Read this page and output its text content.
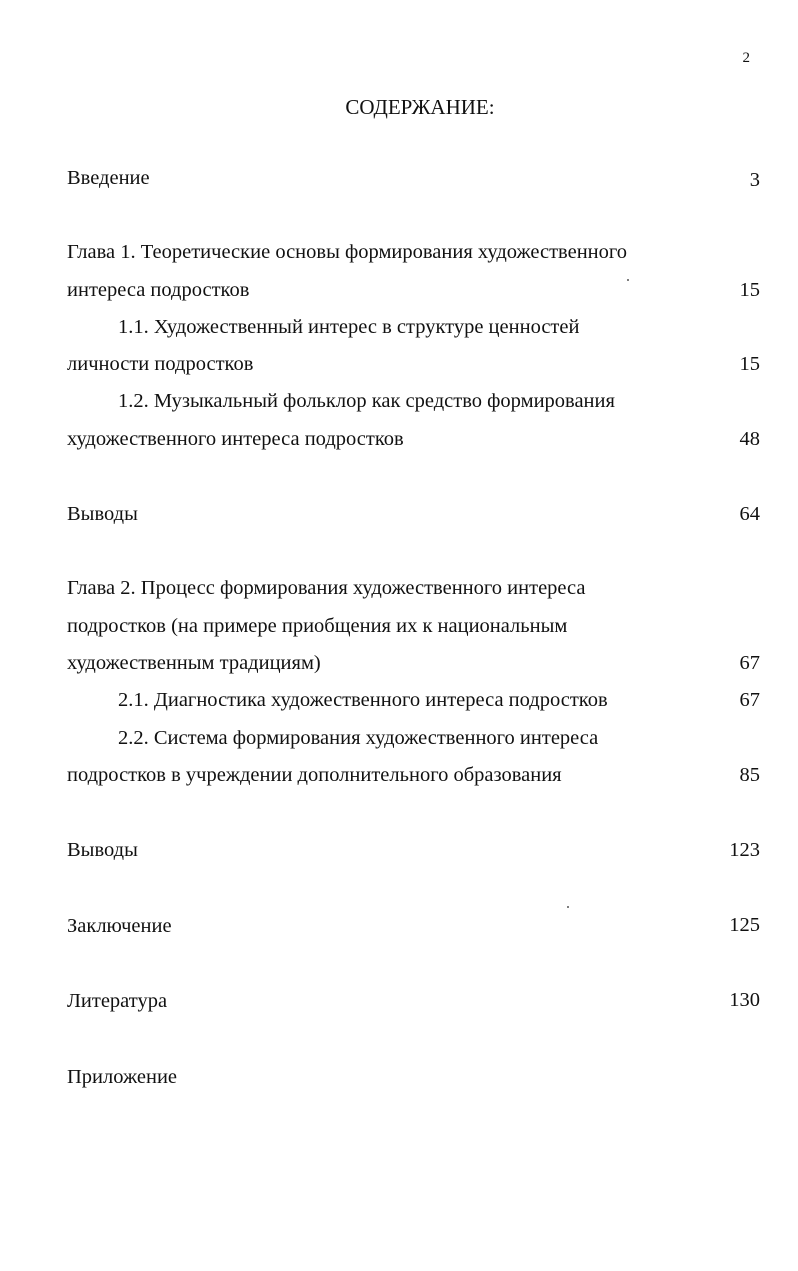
2
СОДЕРЖАНИЕ:
Введение	3
Глава 1. Теоретические основы формирования художественного
интереса подростков	15
1.1. Художественный интерес в структуре ценностей
личности подростков	15
1.2. Музыкальный фольклор как средство формирования
художественного интереса подростков	48
Выводы	64
Глава 2. Процесс формирования художественного интереса
подростков (на примере приобщения их к национальным
художественным традициям)	67
2.1. Диагностика художественного интереса подростков	67
2.2. Система формирования художественного интереса
подростков в учреждении дополнительного образования	85
Выводы	123
Заключение	125
Литература	130
Приложение
